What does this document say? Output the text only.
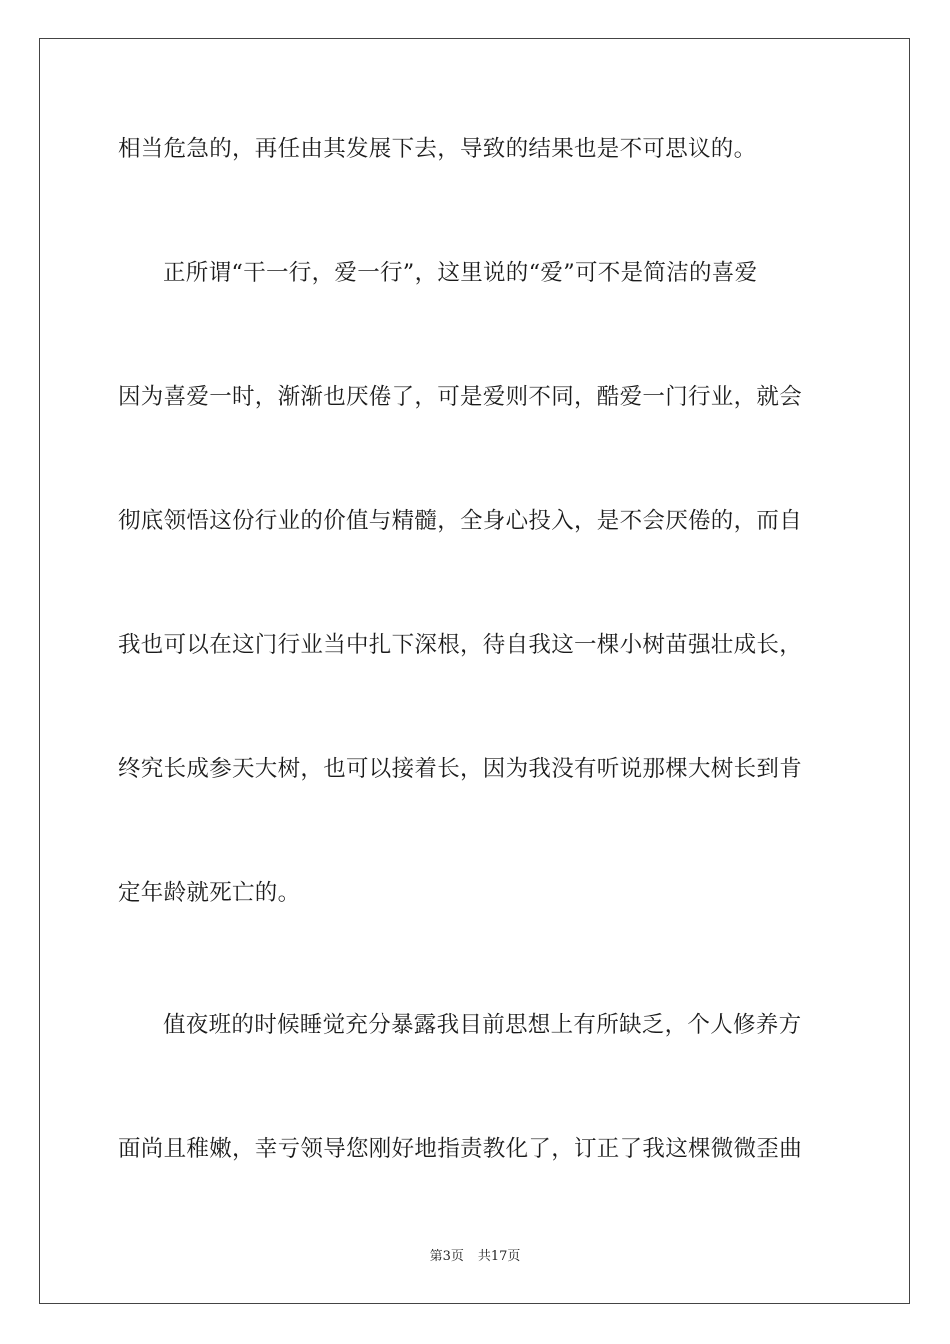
相当危急的，再任由其发展下去，导致的结果也是不可思议的。
正所谓“干一行，爱一行”，这里说的“爱”可不是简洁的喜爱
因为喜爱一时，渐渐也厌倦了，可是爱则不同，酷爱一门行业，就会
彻底领悟这份行业的价值与精髓，全身心投入，是不会厌倦的，而自
我也可以在这门行业当中扎下深根，待自我这一棵小树苗强壮成长，
终究长成参天大树，也可以接着长，因为我没有听说那棵大树长到肯
定年龄就死亡的。
值夜班的时候睡觉充分暴露我目前思想上有所缺乏，个人修养方
面尚且稚嫩，幸亏领导您刚好地指责教化了，订正了我这棵微微歪曲
第3页 共17页
